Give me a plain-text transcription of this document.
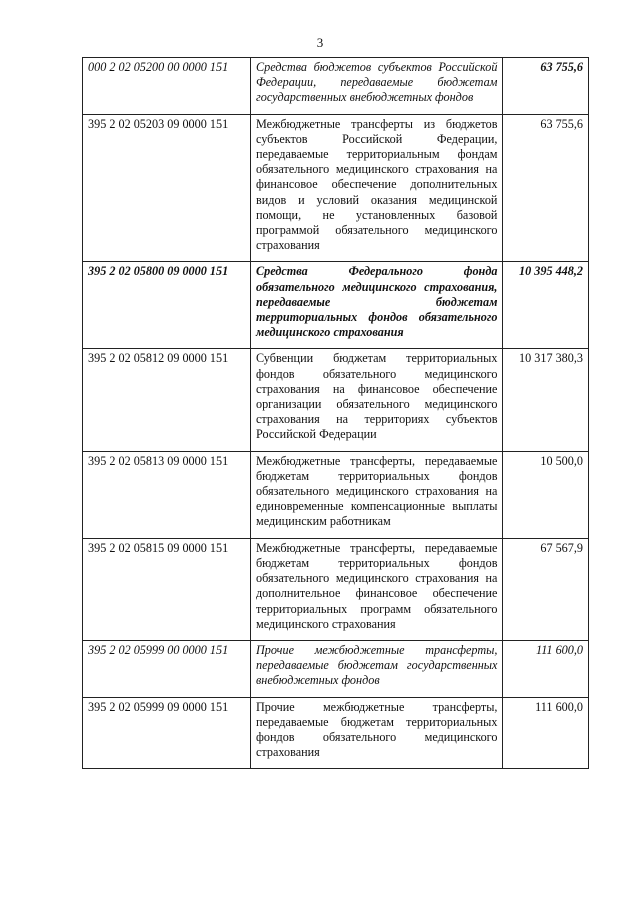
3
000 2 02 05200 00 0000 151	Средства бюджетов субъектов Российской Федерации, передаваемые бюджетам государственных внебюджетных фондов	63 755,6
395 2 02 05203 09 0000 151	Межбюджетные трансферты из бюджетов субъектов Российской Федерации, передаваемые территориальным фондам обязательного медицинского страхования на финансовое обеспечение дополнительных видов и условий оказания медицинской помощи, не установленных базовой программой обязательного медицинского страхования	63 755,6
395 2 02 05800 09 0000 151	Средства Федерального фонда обязательного медицинского страхования, передаваемые бюджетам территориальных фондов обязательного медицинского страхования	10 395 448,2
395 2 02 05812 09 0000 151	Субвенции бюджетам территориальных фондов обязательного медицинского страхования на финансовое обеспечение организации обязательного медицинского страхования на территориях субъектов Российской Федерации	10 317 380,3
395 2 02 05813 09 0000 151	Межбюджетные трансферты, передаваемые бюджетам территориальных фондов обязательного медицинского страхования на единовременные компенсационные выплаты медицинским работникам	10 500,0
395 2 02 05815 09 0000 151	Межбюджетные трансферты, передаваемые бюджетам территориальных фондов обязательного медицинского страхования на дополнительное финансовое обеспечение территориальных программ обязательного медицинского страхования	67 567,9
395 2 02 05999 00 0000 151	Прочие межбюджетные трансферты, передаваемые бюджетам государственных внебюджетных фондов	111 600,0
395 2 02 05999 09 0000 151	Прочие межбюджетные трансферты, передаваемые бюджетам территориальных фондов обязательного медицинского страхования	111 600,0
